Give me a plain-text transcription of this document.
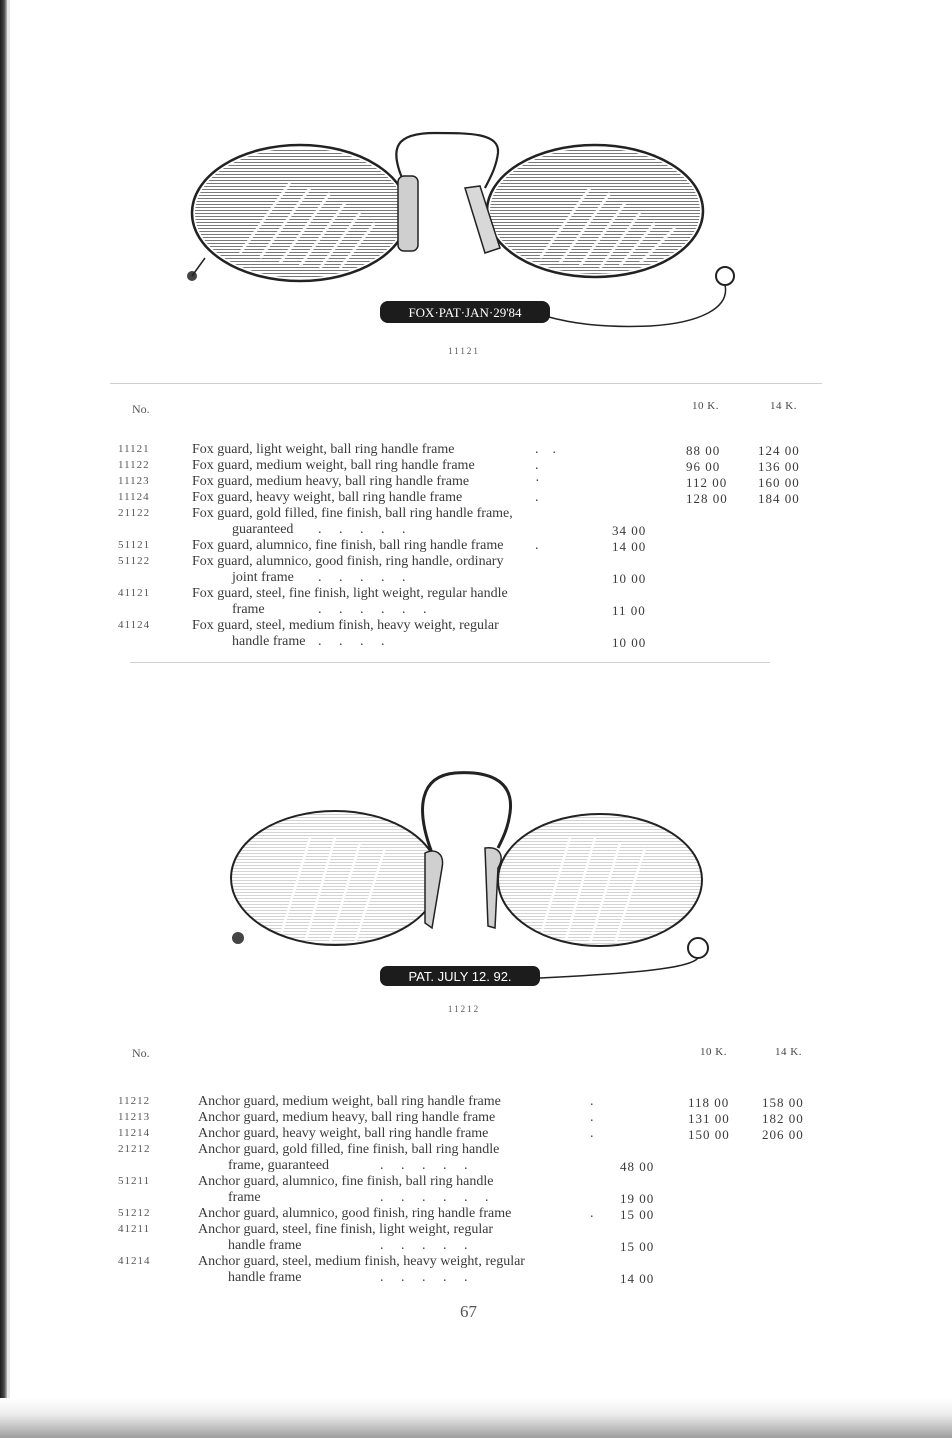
FOX·PAT·JAN·29'84
11121
No.	10 K.	14 K.
11121	Fox guard, light weight, ball ring handle frame	.    .	88 00	124 00
11122	Fox guard, medium weight, ball ring handle frame	.	96 00	136 00
11123	Fox guard, medium heavy, ball ring handle frame	·	112 00	160 00
11124	Fox guard, heavy weight, ball ring handle frame	.	128 00	184 00
21122	Fox guard, gold filled, fine finish, ball ring handle frame,
guaranteed	.     .     .     .     .	34 00
51121	Fox guard, alumnico, fine finish, ball ring handle frame	.	14 00
51122	Fox guard, alumnico, good finish, ring handle, ordinary
joint frame	.     .     .     .     .	10 00
41121	Fox guard, steel, fine finish, light weight, regular handle
frame	.     .     .     .     .     .	11 00
41124	Fox guard, steel, medium finish, heavy weight, regular
handle frame .     .     .     .	10 00
PAT. JULY 12. 92.
11212
No.	10 K.	14 K.
11212	Anchor guard, medium weight, ball ring handle frame	.	118 00	158 00
11213	Anchor guard, medium heavy, ball ring handle frame	.	131 00	182 00
11214	Anchor guard, heavy weight, ball ring handle frame	.	150 00	206 00
21212	Anchor guard, gold filled, fine finish, ball ring handle
frame, guaranteed	.     .     .     .     .	48 00
51211	Anchor guard, alumnico, fine finish, ball ring handle
frame	.     .     .     .     .     .	19 00
51212	Anchor guard, alumnico, good finish, ring handle frame	.	15 00
41211	Anchor guard, steel, fine finish, light weight, regular
handle frame	.     .     .     .     .	15 00
41214	Anchor guard, steel, medium finish, heavy weight, regular
handle frame	.     .     .     .     .	14 00
67
